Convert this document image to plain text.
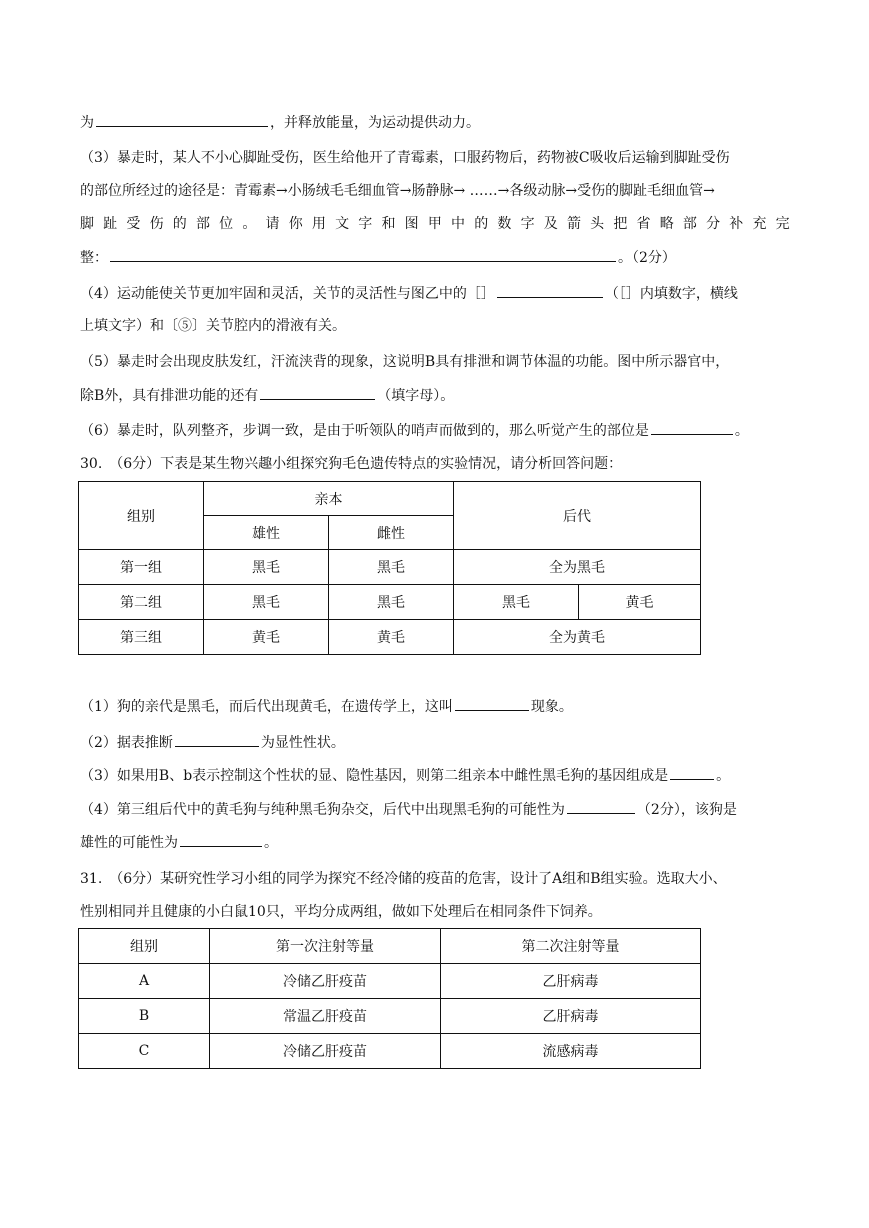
为	，并释放能量，为运动提供动力。
（3）暴走时，某人不小心脚趾受伤，医生给他开了青霉素，口服药物后，药物被C吸收后运输到脚趾受伤
的部位所经过的途径是：青霉素→小肠绒毛毛细血管→肠静脉→ ……→各级动脉→受伤的脚趾毛细血管→
脚 趾 受 伤 的 部 位 。 请 你 用 文 字 和 图 甲 中 的 数 字 及 箭 头 把 省 略 部 分 补 充 完
整：	。（2分）
（4）运动能使关节更加牢固和灵活，关节的灵活性与图乙中的［］	（［］内填数字，横线
上填文字）和〔⑤〕关节腔内的滑液有关。
（5）暴走时会出现皮肤发红，汗流浃背的现象，这说明B具有排泄和调节体温的功能。图中所示器官中，
除B外，具有排泄功能的还有	（填字母）。
（6）暴走时，队列整齐，步调一致，是由于听领队的哨声而做到的，那么听觉产生的部位是	。
30.　（6分）下表是某生物兴趣小组探究狗毛色遗传特点的实验情况，请分析回答问题：
组别	亲本		后代	
	雄性	雌性		
第一组	黑毛	黑毛	全为黑毛	
第二组	黑毛	黑毛	黑毛	黄毛
第三组	黄毛	黄毛	全为黄毛	
（1）狗的亲代是黑毛，而后代出现黄毛，在遗传学上，这叫	现象。
（2）据表推断	为显性性状。
（3）如果用B、b表示控制这个性状的显、隐性基因，则第二组亲本中雌性黑毛狗的基因组成是	。
（4）第三组后代中的黄毛狗与纯种黑毛狗杂交，后代中出现黑毛狗的可能性为	（2分），该狗是
雄性的可能性为	。
31.　（6分）某研究性学习小组的同学为探究不经冷储的疫苗的危害，设计了A组和B组实验。选取大小、
性别相同并且健康的小白鼠10只，平均分成两组，做如下处理后在相同条件下饲养。
组别	第一次注射等量	第二次注射等量
A	冷储乙肝疫苗	乙肝病毒
B	常温乙肝疫苗	乙肝病毒
C	冷储乙肝疫苗	流感病毒
